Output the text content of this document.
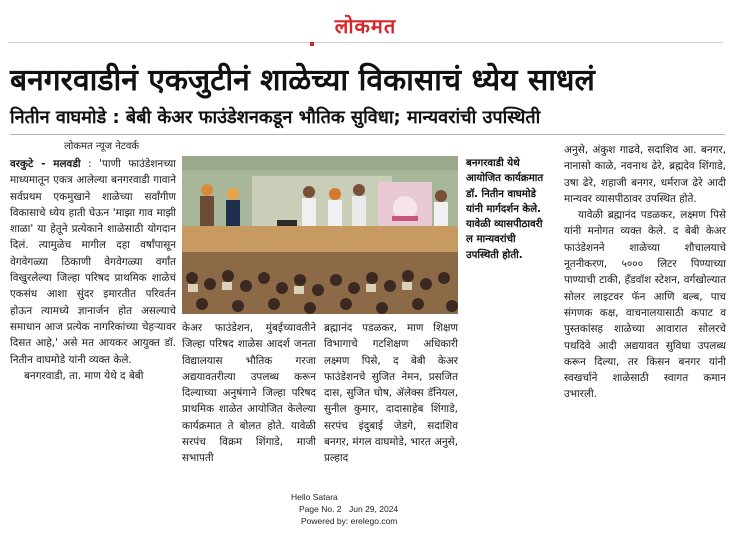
लोकमत
बनगरवाडीनं एकजुटीनं शाळेच्या विकासाचं ध्येय साधलं
नितीन वाघमोडे : बेबी केअर फाउंडेशनकडून भौतिक सुविधा; मान्यवरांची उपस्थिती
लोकमत न्यूज नेटवर्क

वरकुटे - मलवडी : 'पाणी फाउंडेशनच्या माध्यमातून एकत्र आलेल्या बनगरवाडी गावाने सर्वप्रथम एकमुखाने शाळेच्या सर्वांगीण विकासाचे ध्येय हाती घेऊन 'माझा गाव माझी शाळा' या हेतूने प्रत्येकाने शाळेसाठी योगदान दिलं. त्यामुळेच मागील दहा वर्षांपासून वेगवेगळ्या ठिकाणी वेगवेगळ्या वर्गांत विखुरलेल्या जिल्हा परिषद प्राथमिक शाळेचं एकसंध आशा सुंदर इमारतीत परिवर्तन होऊन त्यामध्ये ज्ञानार्जन होत असल्याचे समाधान आज प्रत्येक नागरिकांच्या चेहऱ्यावर दिसत आहे,' असे मत आयकर आयुक्त डॉ. नितीन वाघमोडे यांनी व्यक्त केले.

बनगरवाडी, ता. माण येथे द बेबी

बनगरवाडी येथे आयोजित कार्यक्रमात डॉ. नितीन वाघमोडे यांनी मार्गदर्शन केले. यावेळी व्यासपीठावरी ल मान्यवरांची उपस्थिती होती.

केअर फाउंडेशन, मुंबईच्यावतीने जिल्हा परिषद शाळेस आदर्श जनता विद्यालयास भौतिक गरजा अद्ययावतरीत्या उपलब्ध करून दिल्याच्या अनुषंगाने जिल्हा परिषद प्राथमिक शाळेत आयोजित केलेल्या कार्यक्रमात ते बोलत होते. यावेळी सरपंच विक्रम शिंगाडे, माजी सभापती

ब्रह्मानंद पडळकर, माण शिक्षण विभागाचे गटशिक्षण अधिकारी लक्ष्मण पिसे, द बेबी केअर फाउंडेशनचे सुजित नेमन, प्रसजित दास, सुजित घोष, ॲलेक्स डॅनियल, सुनील कुमार, दादासाहेब शिंगाडे, सरपंच इंदुबाई जेडगे, सदाशिव बनगर, मंगल वाघमोडे, भारत अनुसे, प्रल्हाद

अनुसे, अंकुश गाढवे, सदाशिव आ. बनगर, नानासो काळे, नवनाथ ढेरे, ब्रह्मदेव शिंगाडे, उषा ढेरे, शहाजी बनगर, धर्मराज ढेरे आदी मान्यवर व्यासपीठावर उपस्थित होते.

यावेळी ब्रह्मानंद पडळकर, लक्ष्मण पिसे यांनी मनोगत व्यक्त केले. द बेबी केअर फाउंडेशनने शाळेच्या शौचालयाचे नूतनीकरण, ५००० लिटर पिण्याच्या पाण्याची टाकी, हँडवॉश स्टेशन, वर्गखोल्यात सोलर लाइटवर फॅन आणि बल्ब, पाच संगणक कक्ष, वाचनालयासाठी कपाट व पुस्तकांसह शाळेच्या आवारात सोलरचे पथदिवे आदी अद्ययावत सुविधा उपलब्ध करून दिल्या, तर किसन बनगर यांनी स्वखर्चाने शाळेसाठी स्वागत कमान उभारली.

Hello Satara
Page No. 2 Jun 29, 2024
Powered by: erelego.com
